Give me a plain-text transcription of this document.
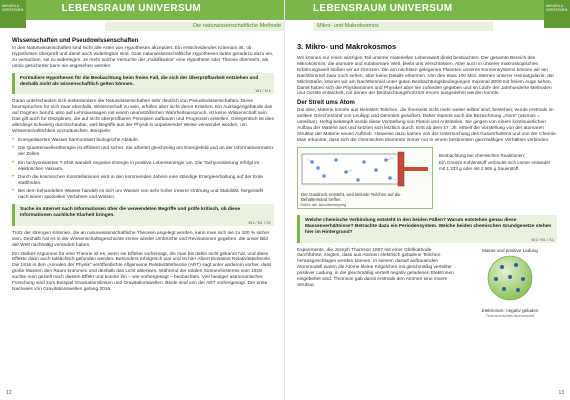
LEBENSRAUM UNIVERSUM
WISSEN & VERSTEHEN
Die naturwissenschaftliche Methode
Wissenschaften und Pseudowissenschaften

In den Naturwissenschaften sind nicht alle Arten von Hypothesen akzeptiert. Ein entscheidendes Kriterium ist, ob Hypothesen überprüft und damit auch widerlegbar sind. Gute naturwissenschaftliche Hypothesen laden geradezu dazu ein, zu versuchen, sie zu widerlegen. Je mehr solche Versuche der „Falsifikation“ eine Hypothese oder Theorie übersteht, als umso gesicherter kann sie angesehen werden.

Formuliere Hypothesen für die Beobachtung beim freien Fall, die sich der Überprüfbarkeit entziehen und deshalb nicht als wissenschaftlich gelten können.

W1 / N 1

Daran unterscheiden sich insbesondere die Naturwissenschaften sehr deutlich von Pseudowissenschaften. Diese beanspruchen für sich zwar ebenfalls, Wissenschaft zu sein, erfüllen aber nicht deren Kriterien. Ein Aussagengebäude das auf Dogmen beruht, also auf Lehrsaussagen mit einem unumstößlichen Wahrheitsanspruch, ist keine Wissenschaft sein. Das gilt auch für Disziplinen, die auf nicht überprüfbaren Prinzipien aufbauen und Prognosen erstellen. Gelegentlich ist dies allerdings schwierig durchschaubar, weil Begriffe aus der Physik in unpassender Weise verwendet werden, um Wissenschaftlichkeit vorzutäuschen. Beispiele:

• Energetisiertes Wasser harmonisiert biologische Abläufe.
• Die Quantenwellentherapie ist effizient und sicher. Sie arbeitet gleichzeitig am Energiefeld und an der Informationsmatrix der Zellen.
• Ein tachyonisiertes T-Shirt wandelt negative Energie in positive Lebensenergie um. Die Tachyonisierung erfolgt im elektrischen Vakuum.
• Durch die kosmischen Konstellationen wird in den kommenden Jahren eine ständige Energieerhaltung auf der Erde stattfinden.
• Bei dem behandelten Wasser handelt es sich um Wasser von sehr hoher innerer Ordnung und Stabilität, hergestellt nach einem speziellen Verfahren und Wissen.

Suche im Internet nach Informationen über die verwendeten Begriffe und prüfe kritisch, ob diese Informationen sachliche Klarheit bringen.

W1 / N1 / S1

Trotz der strengen Kriterien, die an naturwissenschaftliche Theorien angelegt werden, kann man sich nie zu 100 % sicher sein. Deshalb hat es in der Wissenschaftsgeschichte immer wieder Umbrüche und Revolutionen gegeben, die unser Bild der Welt nachhaltig verändert haben.

Ein starkes Argument für eine Theorie ist es, wenn sie Effekte vorhersagt, die man bis dahin nicht gekannt hat, und diese Effekte dann auch tatsächlich gefunden werden. Besonders erfolgreich war und ist hier Albert Einsteins Relativitätstheorie. Die 1916 in den „Annalen der Physik“ veröffentlichte Allgemeine Relativitätstheorie (ART) sagt unter anderem vorher, dass große Massen den Raum krümmen und deshalb das Licht ablenken. Während der totalen Sonnenfinsternis vom 1919 suchte man gezielt nach diesem Effekt und konnte ihn – wie vorhergesagt – beobachten. Viel heutiger astronomischer Forschung sind zum Beispiel Gravitationslinsen und Gravitationswellen. Beide sind von der ART vorhergesagt. Der erste Nachweis von Gravitationswellen gelang 2016.

12
LEBENSRAUM UNIVERSUM	WISSEN & VERSTEHEN
Mikro- und Makrokosmos
3. Mikro- und Makrokosmos

Wir können nur einen winzigen Teil unserer materiellen Lebenswelt direkt beobachten. Der gesamte Bereich des Mikrokosmos, die atomare und subatomare Welt, bleibt uns verschlossen. Aber auch in unserer makroskopischen Erfahrungswelt stoßen wir an Grenzen. Die am nächsten gelegenen Planeten unseres Sonnensystems können wir am Nachthimmel zwar noch sehen, aber keine Details erkennen. Von den etwa 100 Mrd. Sternen unserer Heimatgalaxie, der Milchstraße, können wir am Nachthimmel unter guten Beobachtungsbedingungen maximal 3000 mit freiem Auge sehen. Damit haben sich die Physikerinnen und Physiker aber nie zufrieden gegeben und im Laufe der Jahrhunderte Methoden und Geräte entwickelt, mit denen der Beobachtungshorizont enorm ausgedehnt werden konnte.

Der Streit ums Atom

Die Idee, Materie könnte aus kleinsten Teilchen, die ihrerseits nicht mehr weiter teilbar sind, bestehen, wurde erstmals im antiken Griechenland von Leukipp und Demokrit geäußert. Daher stammt auch die Bezeichnung „Atom“ (atomos = unteilbar). Heftig bekämpft wurde diese Vorstellung von Platon und Aristoteles. Sie gingen von einem kontinuierlichen Aufbau der Materie aus und setzten sich letztlich durch. Erst ab dem 17. Jh. erhielt die Vorstellung von der atomaren Struktur der Materie neuen Auftrieb. Hinweise dazu kamen von der Untersuchung des Gasverhaltens und von der Chemie. Man erkannte, dass sich die chemischen Elemente immer nur in einem bestimmten ganzzahligen Verhältnis verbinden.

Der Gasdruck entsteht, weil kleinste Teilchen auf die Behälterwand treffen.
Stöße der Atombewegung

Beobachtung bei chemischen Reaktionen:

Ein Gramm Kohlenstoff verbindet sich immer entweder mit 1,333 g oder mit 2,666 g Sauerstoff.

Welche chemische Verbindung entsteht in den beiden Fällen? Warum entstehen genau diese Massenverhältnisse? Betrachte dazu ein Periodensystem. Welche beiden chemischen Grundgesetze stehen hier im Hintergrund?

W1 / N1 / S1
Masse und positive Ladung
Elektronen: negativ geladen
Thomson'sches Atommodell

Experimente, die Joseph Thomson 1897 mit einer Glühkathode durchführte, zeigten, dass aus Atomen elektrisch geladene Teilchen herausgeschlagen werden können. In seinem darauf aufbauenden Atommodell waren die Atome kleine Kügelchen mit gleichmäßig verteilter positiver Ladung, in die gleichmäßig verteilt negativ geladenen Elektronen eingebettet sind. Thomson gab damit erstmals den Atomen eine innere Struktur.

13
